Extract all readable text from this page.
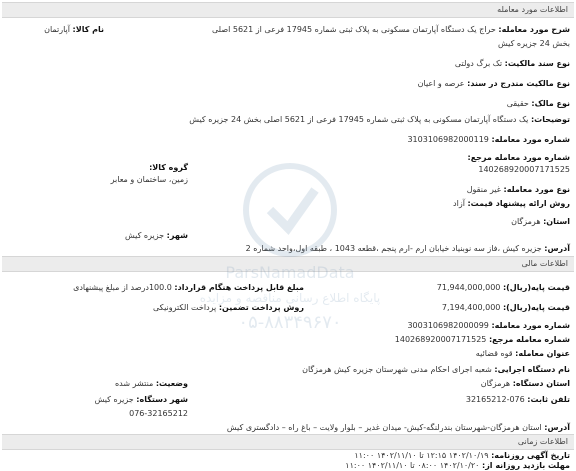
اطلاعات مورد معامله
شرح مورد معامله: حراج یک دستگاه آپارتمان مسکونی به پلاک ثبتی شماره 17945 فرعی از 5621 اصلی
نام کالا: آپارتمان
بخش 24 جزیره کیش
نوع سند مالکیت: تک برگ دولتی
نوع مالکیت مندرج در سند: عرصه و اعیان
نوع مالک: حقیقی
توضیحات: یک دستگاه آپارتمان مسکونی به پلاک ثبتی شماره 17945 فرعی از 5621 اصلی بخش 24 جزیره کیش
شماره مورد معامله: 3103106982000119
شماره مورد معامله مرجع:
140268920007171525
گروه کالا:
زمین، ساختمان و معابر
نوع مورد معامله: غیر منقول
روش ارائه پیشنهاد قیمت: آزاد
استان: هرمزگان
شهر: جزیره کیش
آدرس: جزیره کیش ،فاز سه نوبنیاد خیابان ارم -ارم پنجم ،قطعه 1043 ، طبقه اول،واحد شماره 2
اطلاعات مالی
قیمت پایه(ریال): 71,944,000,000
مبلغ قابل پرداخت هنگام قرارداد: 100.0درصد از مبلغ پیشنهادی
قیمت پایه(ریال): 7,194,400,000
روش پرداخت تضمین: پرداخت الکترونیکی
شماره مورد معامله: 3003106982000099
شماره معامله مرجع: 140268920007171525
عنوان معامله: قوه قضائیه
نام دستگاه اجرایی: شعبه اجرای احکام مدنی شهرستان جزیره کیش هرمزگان
وضعیت: منتشر شده	استان دستگاه: هرمزگان
شهر دستگاه: جزیره کیش	تلفن ثابت: 076-32165212
076-32165212
آدرس: استان هرمزگان-شهرستان بندرلنگه-کیش- میدان غدیر – بلوار ولایت – باغ راه – دادگستری کیش
اطلاعات زمانی
تاریخ آگهی روزنامه: ۱۴۰۲/۱۰/۱۹ ۱۲:۱۵ تا ۱۴۰۲/۱۱/۱۰ ۱۱:۰۰
مهلت بازدید روزانه از: ۱۴۰۲/۱۰/۲۰ ۰۸:۰۰ تا ۱۴۰۲/۱۱/۱۰ ۱۱:۰۰
ParsNamadData
پایگاه اطلاع رسانی مناقصه و مزایده
۰۵-۸۸۳۴۹۶۷۰
